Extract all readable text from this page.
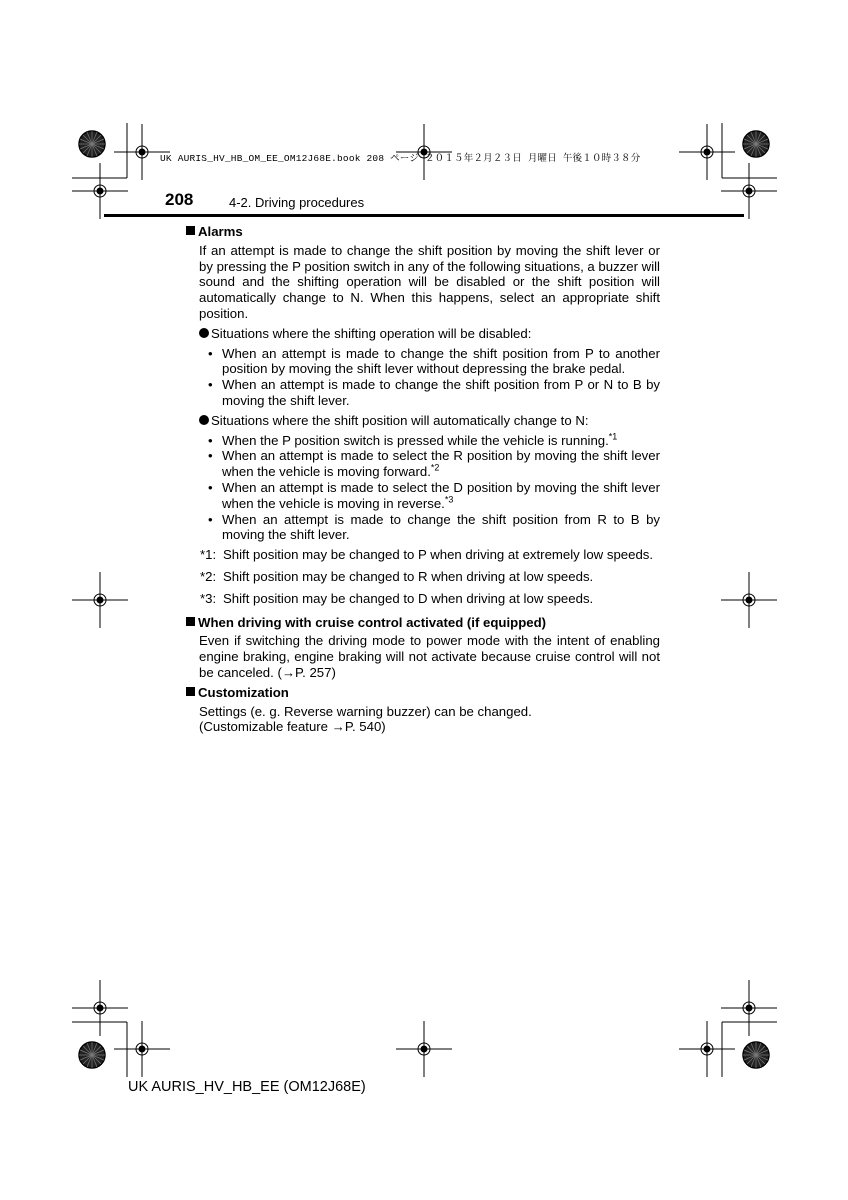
UK AURIS_HV_HB_OM_EE_OM12J68E.book 208 ページ ２０１５年２月２３日 月曜日 午後１０時３８分
208	4-2. Driving procedures
Alarms
If an attempt is made to change the shift position by moving the shift lever or by pressing the P position switch in any of the following situations, a buzzer will sound and the shifting operation will be disabled or the shift position will automatically change to N. When this happens, select an appropriate shift position.
Situations where the shifting operation will be disabled:
• When an attempt is made to change the shift position from P to another position by moving the shift lever without depressing the brake pedal.
• When an attempt is made to change the shift position from P or N to B by moving the shift lever.
Situations where the shift position will automatically change to N:
• When the P position switch is pressed while the vehicle is running.$^{*1}$
• When an attempt is made to select the R position by moving the shift lever when the vehicle is moving forward.$^{*2}$
• When an attempt is made to select the D position by moving the shift lever when the vehicle is moving in reverse.$^{*3}$
• When an attempt is made to change the shift position from R to B by moving the shift lever.
*1: Shift position may be changed to P when driving at extremely low speeds.
*2: Shift position may be changed to R when driving at low speeds.
*3: Shift position may be changed to D when driving at low speeds.
When driving with cruise control activated (if equipped)
Even if switching the driving mode to power mode with the intent of enabling engine braking, engine braking will not activate because cruise control will not be canceled. (→P. 257)
Customization
Settings (e. g. Reverse warning buzzer) can be changed.
(Customizable feature →P. 540)
UK AURIS_HV_HB_EE (OM12J68E)
